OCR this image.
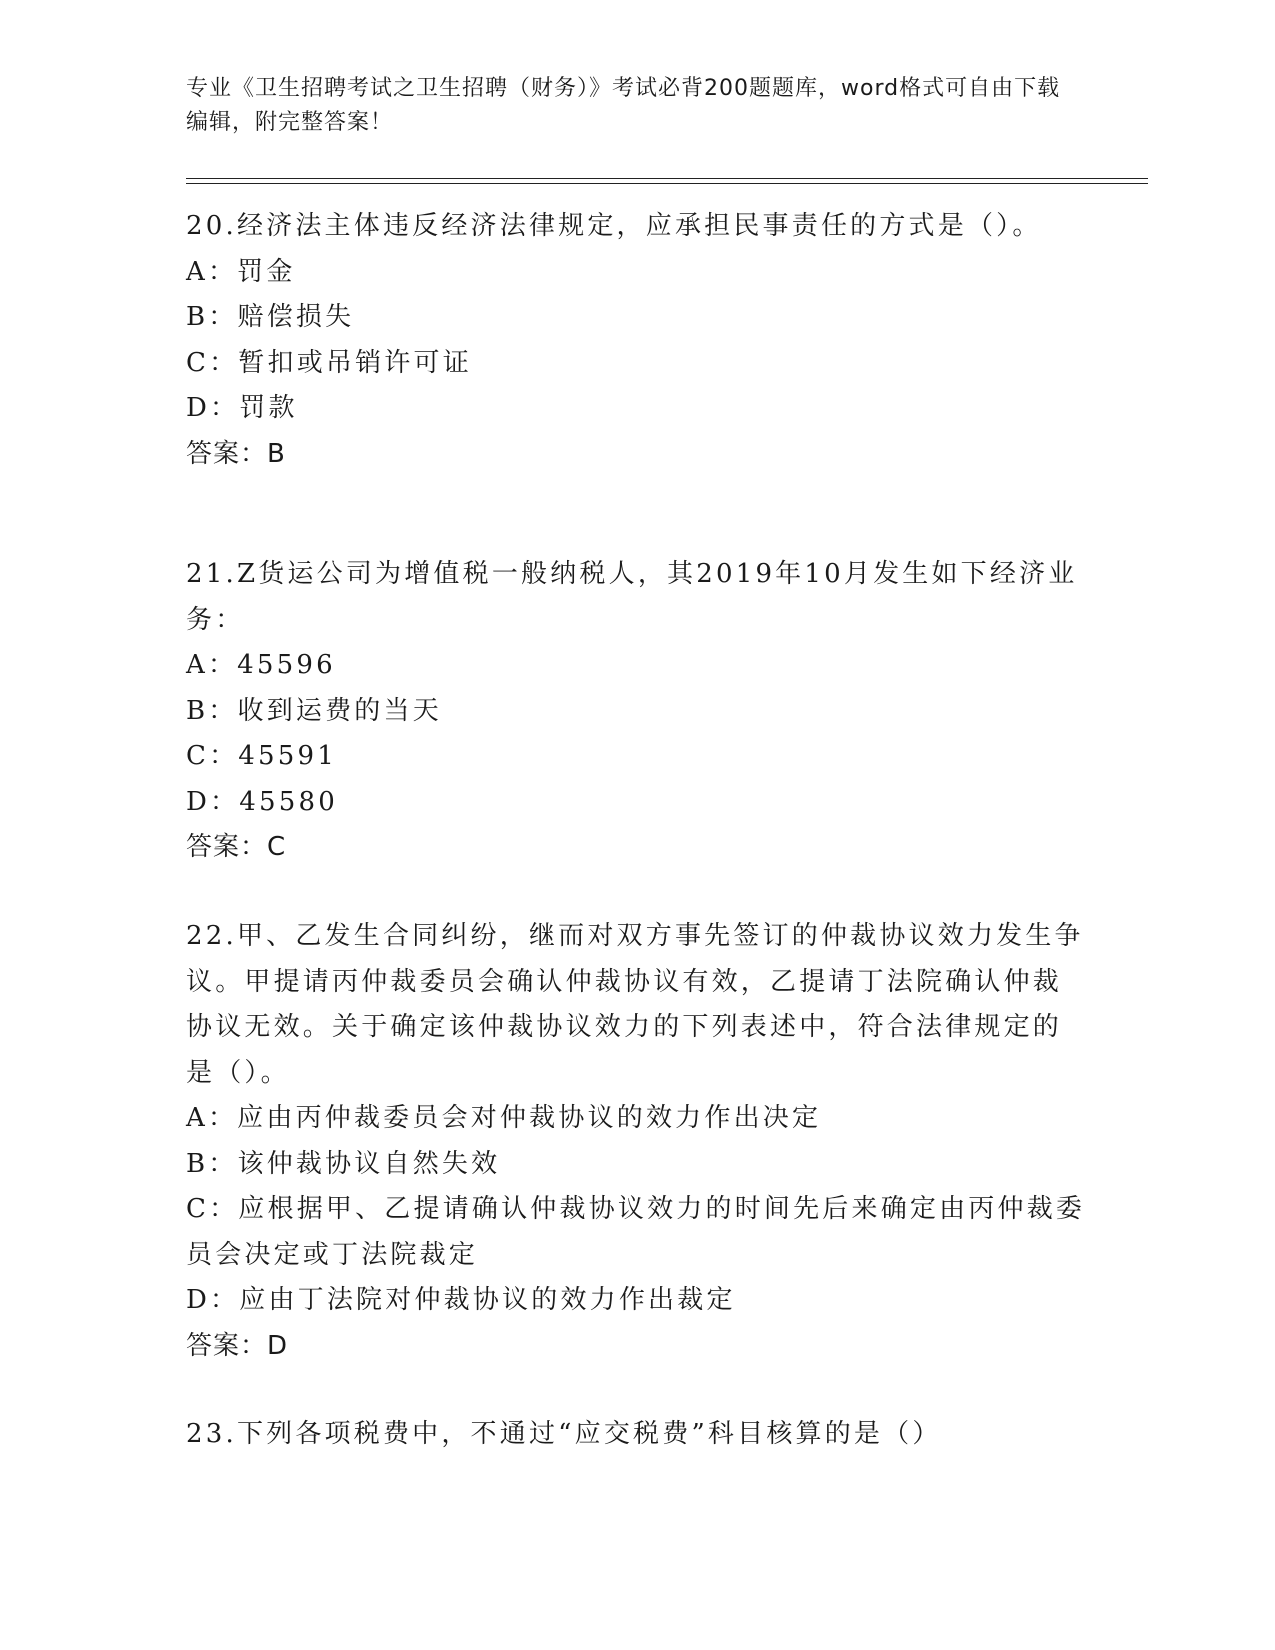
专业《卫生招聘考试之卫生招聘（财务）》考试必背200题题库，word格式可自由下载编辑，附完整答案！
20.经济法主体违反经济法律规定，应承担民事责任的方式是（）。
A：罚金
B：赔偿损失
C：暂扣或吊销许可证
D：罚款
答案：B
21.Z货运公司为增值税一般纳税人，其2019年10月发生如下经济业
务：
A：45596
B：收到运费的当天
C：45591
D：45580
答案：C
22.甲、乙发生合同纠纷，继而对双方事先签订的仲裁协议效力发生争
议。甲提请丙仲裁委员会确认仲裁协议有效，乙提请丁法院确认仲裁
协议无效。关于确定该仲裁协议效力的下列表述中，符合法律规定的
是（）。
A：应由丙仲裁委员会对仲裁协议的效力作出决定
B：该仲裁协议自然失效
C：应根据甲、乙提请确认仲裁协议效力的时间先后来确定由丙仲裁委
员会决定或丁法院裁定
D：应由丁法院对仲裁协议的效力作出裁定
答案：D
23.下列各项税费中，不通过“应交税费”科目核算的是（）
